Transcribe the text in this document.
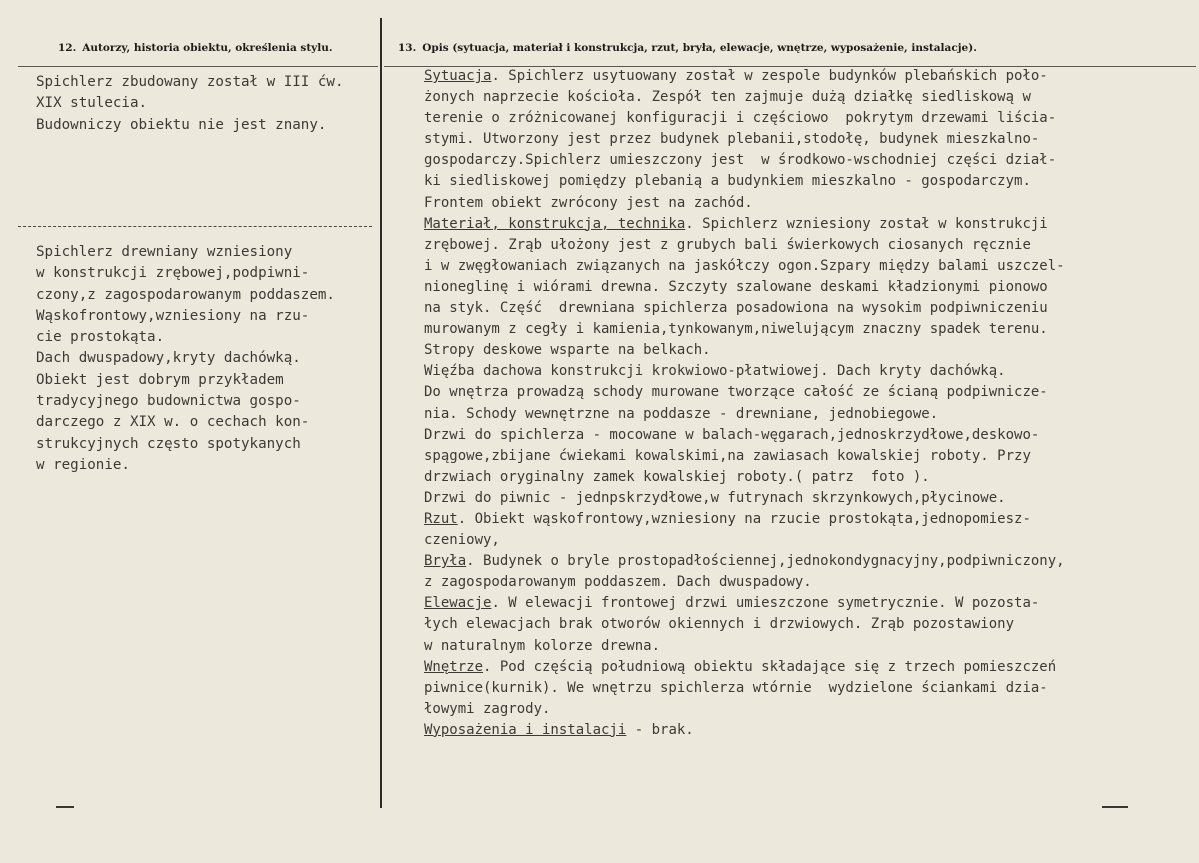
12. Autorzy, historia obiektu, określenia stylu.	13. Opis (sytuacja, materiał i konstrukcja, rzut, bryła, elewacje, wnętrze, wyposażenie, instalacje).
Spichlerz zbudowany został w III ćw.
XIX stulecia.
Budowniczy obiektu nie jest znany.
Spichlerz drewniany wzniesiony
w konstrukcji zrębowej,podpiwni-
czony,z zagospodarowanym poddaszem.
Wąskofrontowy,wzniesiony na rzu-
cie prostokąta.
Dach dwuspadowy,kryty dachówką.
Obiekt jest dobrym przykładem
tradycyjnego budownictwa gospo-
darczego z XIX w. o cechach kon-
strukcyjnych często spotykanych
w regionie.
Sytuacja. Spichlerz usytuowany został w zespole budynków plebańskich poło-
żonych naprzecie kościoła. Zespół ten zajmuje dużą działkę siedliskową w
terenie o zróżnicowanej konfiguracji i częściowo  pokrytym drzewami liścia-
stymi. Utworzony jest przez budynek plebanii,stodołę, budynek mieszkalno-
gospodarczy.Spichlerz umieszczony jest  w środkowo-wschodniej części dział-
ki siedliskowej pomiędzy plebanią a budynkiem mieszkalno - gospodarczym.
Frontem obiekt zwrócony jest na zachód.
Materiał, konstrukcja, technika. Spichlerz wzniesiony został w konstrukcji
zrębowej. Zrąb ułożony jest z grubych bali świerkowych ciosanych ręcznie
i w zwęgłowaniach związanych na jaskółczy ogon.Szpary między balami uszczel-
nioneglinę i wiórami drewna. Szczyty szalowane deskami kładzionymi pionowo
na styk. Część  drewniana spichlerza posadowiona na wysokim podpiwniczeniu
murowanym z cegły i kamienia,tynkowanym,niwelującym znaczny spadek terenu.
Stropy deskowe wsparte na belkach.
Więźba dachowa konstrukcji krokwiowo-płatwiowej. Dach kryty dachówką.
Do wnętrza prowadzą schody murowane tworzące całość ze ścianą podpiwnicze-
nia. Schody wewnętrzne na poddasze - drewniane, jednobiegowe.
Drzwi do spichlerza - mocowane w balach-węgarach,jednoskrzydłowe,deskowo-
spągowe,zbijane ćwiekami kowalskimi,na zawiasach kowalskiej roboty. Przy
drzwiach oryginalny zamek kowalskiej roboty.( patrz  foto ).
Drzwi do piwnic - jednpskrzydłowe,w futrynach skrzynkowych,płycinowe.
Rzut. Obiekt wąskofrontowy,wzniesiony na rzucie prostokąta,jednopomiesz-
czeniowy,
Bryła. Budynek o bryle prostopadłościennej,jednokondygnacyjny,podpiwniczony,
z zagospodarowanym poddaszem. Dach dwuspadowy.
Elewacje. W elewacji frontowej drzwi umieszczone symetrycznie. W pozosta-
łych elewacjach brak otworów okiennych i drzwiowych. Zrąb pozostawiony
w naturalnym kolorze drewna.
Wnętrze. Pod częścią południową obiektu składające się z trzech pomieszczeń
piwnice(kurnik). We wnętrzu spichlerza wtórnie  wydzielone ściankami dzia-
łowymi zagrody.
Wyposażenia i instalacji - brak.
